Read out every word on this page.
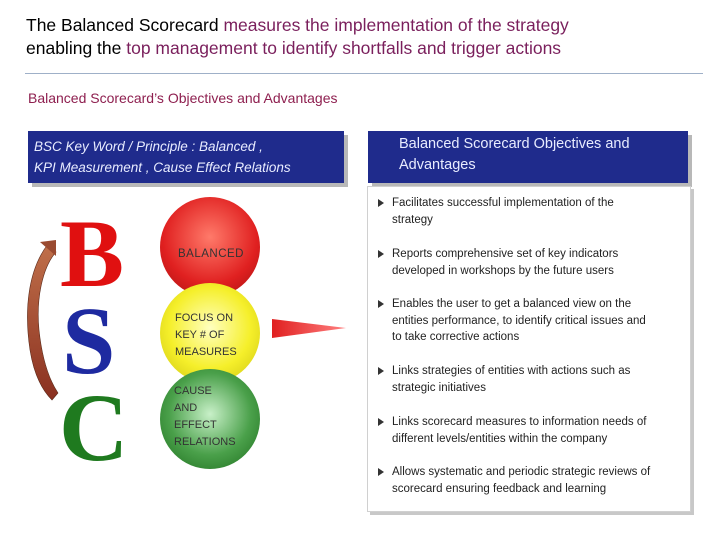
The Balanced Scorecard measures the implementation of the strategy
enabling the top management to identify shortfalls and trigger actions
Balanced Scorecard’s Objectives and Advantages
BSC Key Word / Principle : Balanced ,
KPI Measurement , Cause Effect Relations
Balanced Scorecard Objectives and
Advantages
B
S
C
BALANCED
FOCUS ON
KEY # OF
MEASURES
CAUSE
AND
EFFECT
RELATIONS
Facilitates successful implementation of the
strategy
Reports comprehensive set of key indicators
developed in workshops by the future users
Enables the user to get a balanced view on the
entities performance, to identify critical issues and
to take corrective actions
Links strategies of entities with actions such as
strategic initiatives
Links scorecard measures to information needs of
different levels/entities within the company
Allows systematic and periodic strategic reviews of
scorecard ensuring feedback and learning
